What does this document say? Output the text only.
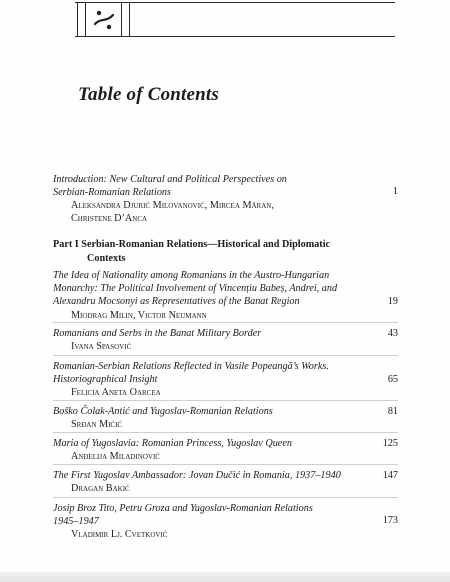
Table of Contents
Introduction: New Cultural and Political Perspectives on
Serbian-Romanian Relations
Aleksandra Djurić Milovanović, Mircea Măran,
Christene D’Anca
1
Part I Serbian-Romanian Relations—Historical and Diplomatic
Contexts
The Idea of Nationality among Romanians in the Austro-Hungarian
Monarchy: The Political Involvement of Vincențiu Babeș, Andrei, and
Alexandru Mocsonyi as Representatives of the Banat Region
Miodrag Milin, Victor Neumann
19
Romanians and Serbs in the Banat Military Border
Ivana Spasović
43
Romanian-Serbian Relations Reflected in Vasile Popeangă’s Works.
Historiographical Insight
Felicia Aneta Oarcea
65
Boško Čolak-Antić and Yugoslav-Romanian Relations
Srđan Mićić
81
Maria of Yugoslavia: Romanian Princess, Yugoslav Queen
Anđelija Miladinović
125
The First Yugoslav Ambassador: Jovan Dučić in Romania, 1937–1940
Dragan Bakić
147
Josip Broz Tito, Petru Groza and Yugoslav-Romanian Relations
1945–1947
Vladimir Lj. Cvetković
173
